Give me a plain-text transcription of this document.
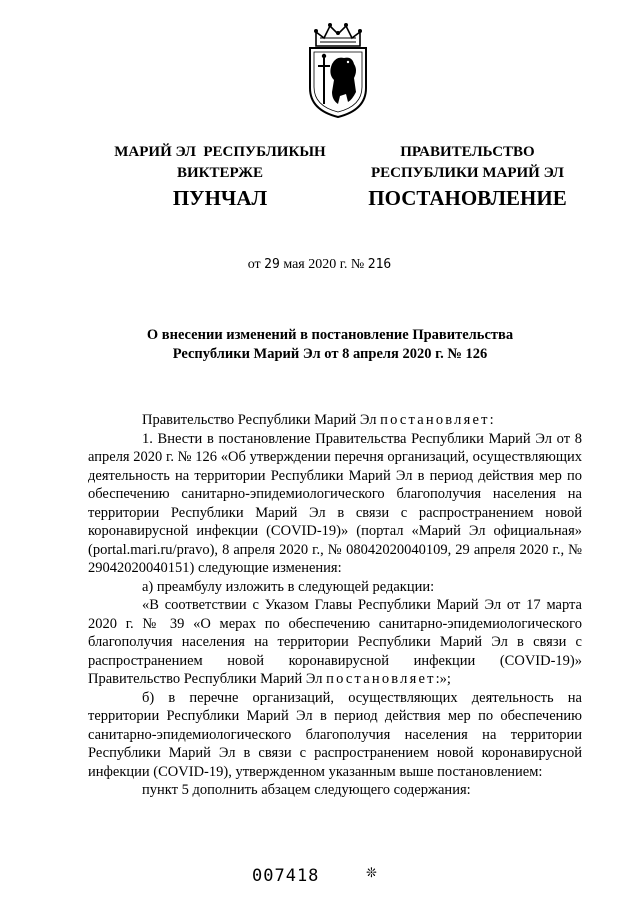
МАРИЙ ЭЛ  РЕСПУБЛИКЫН
ВИКТЕРЖЕ
ПРАВИТЕЛЬСТВО
РЕСПУБЛИКИ МАРИЙ ЭЛ
ПУНЧАЛ	ПОСТАНОВЛЕНИЕ
от 29 мая 2020 г. № 216
О внесении изменений в постановление Правительства
Республики Марий Эл от 8 апреля 2020 г. № 126

Правительство Республики Марий Эл постановляет:

1. Внести в постановление Правительства Республики Марий Эл от 8 апреля 2020 г. № 126 «Об утверждении перечня организаций, осуществляющих деятельность на территории Республики Марий Эл в период действия мер по обеспечению санитарно-эпидемиологического благополучия населения на территории Республики Марий Эл в связи с распространением новой коронавирусной инфекции (COVID-19)» (портал «Марий Эл официальная» (portal.mari.ru/pravo), 8 апреля 2020 г., № 08042020040109, 29 апреля 2020 г., № 29042020040151) следующие изменения:

а) преамбулу изложить в следующей редакции:

«В соответствии с Указом Главы Республики Марий Эл от 17 марта 2020 г. № 39 «О мерах по обеспечению санитарно-эпидемиологического благополучия населения на территории Республики Марий Эл в связи с распространением новой коронавирусной инфекции (COVID-19)» Правительство Республики Марий Эл постановляет:»;

б) в перечне организаций, осуществляющих деятельность на территории Республики Марий Эл в период действия мер по обеспечению санитарно-эпидемиологического благополучия населения на территории Республики Марий Эл в связи с распространением новой коронавирусной инфекции (COVID-19), утвержденном указанным выше постановлением:

пункт 5 дополнить абзацем следующего содержания:

007418	❊
